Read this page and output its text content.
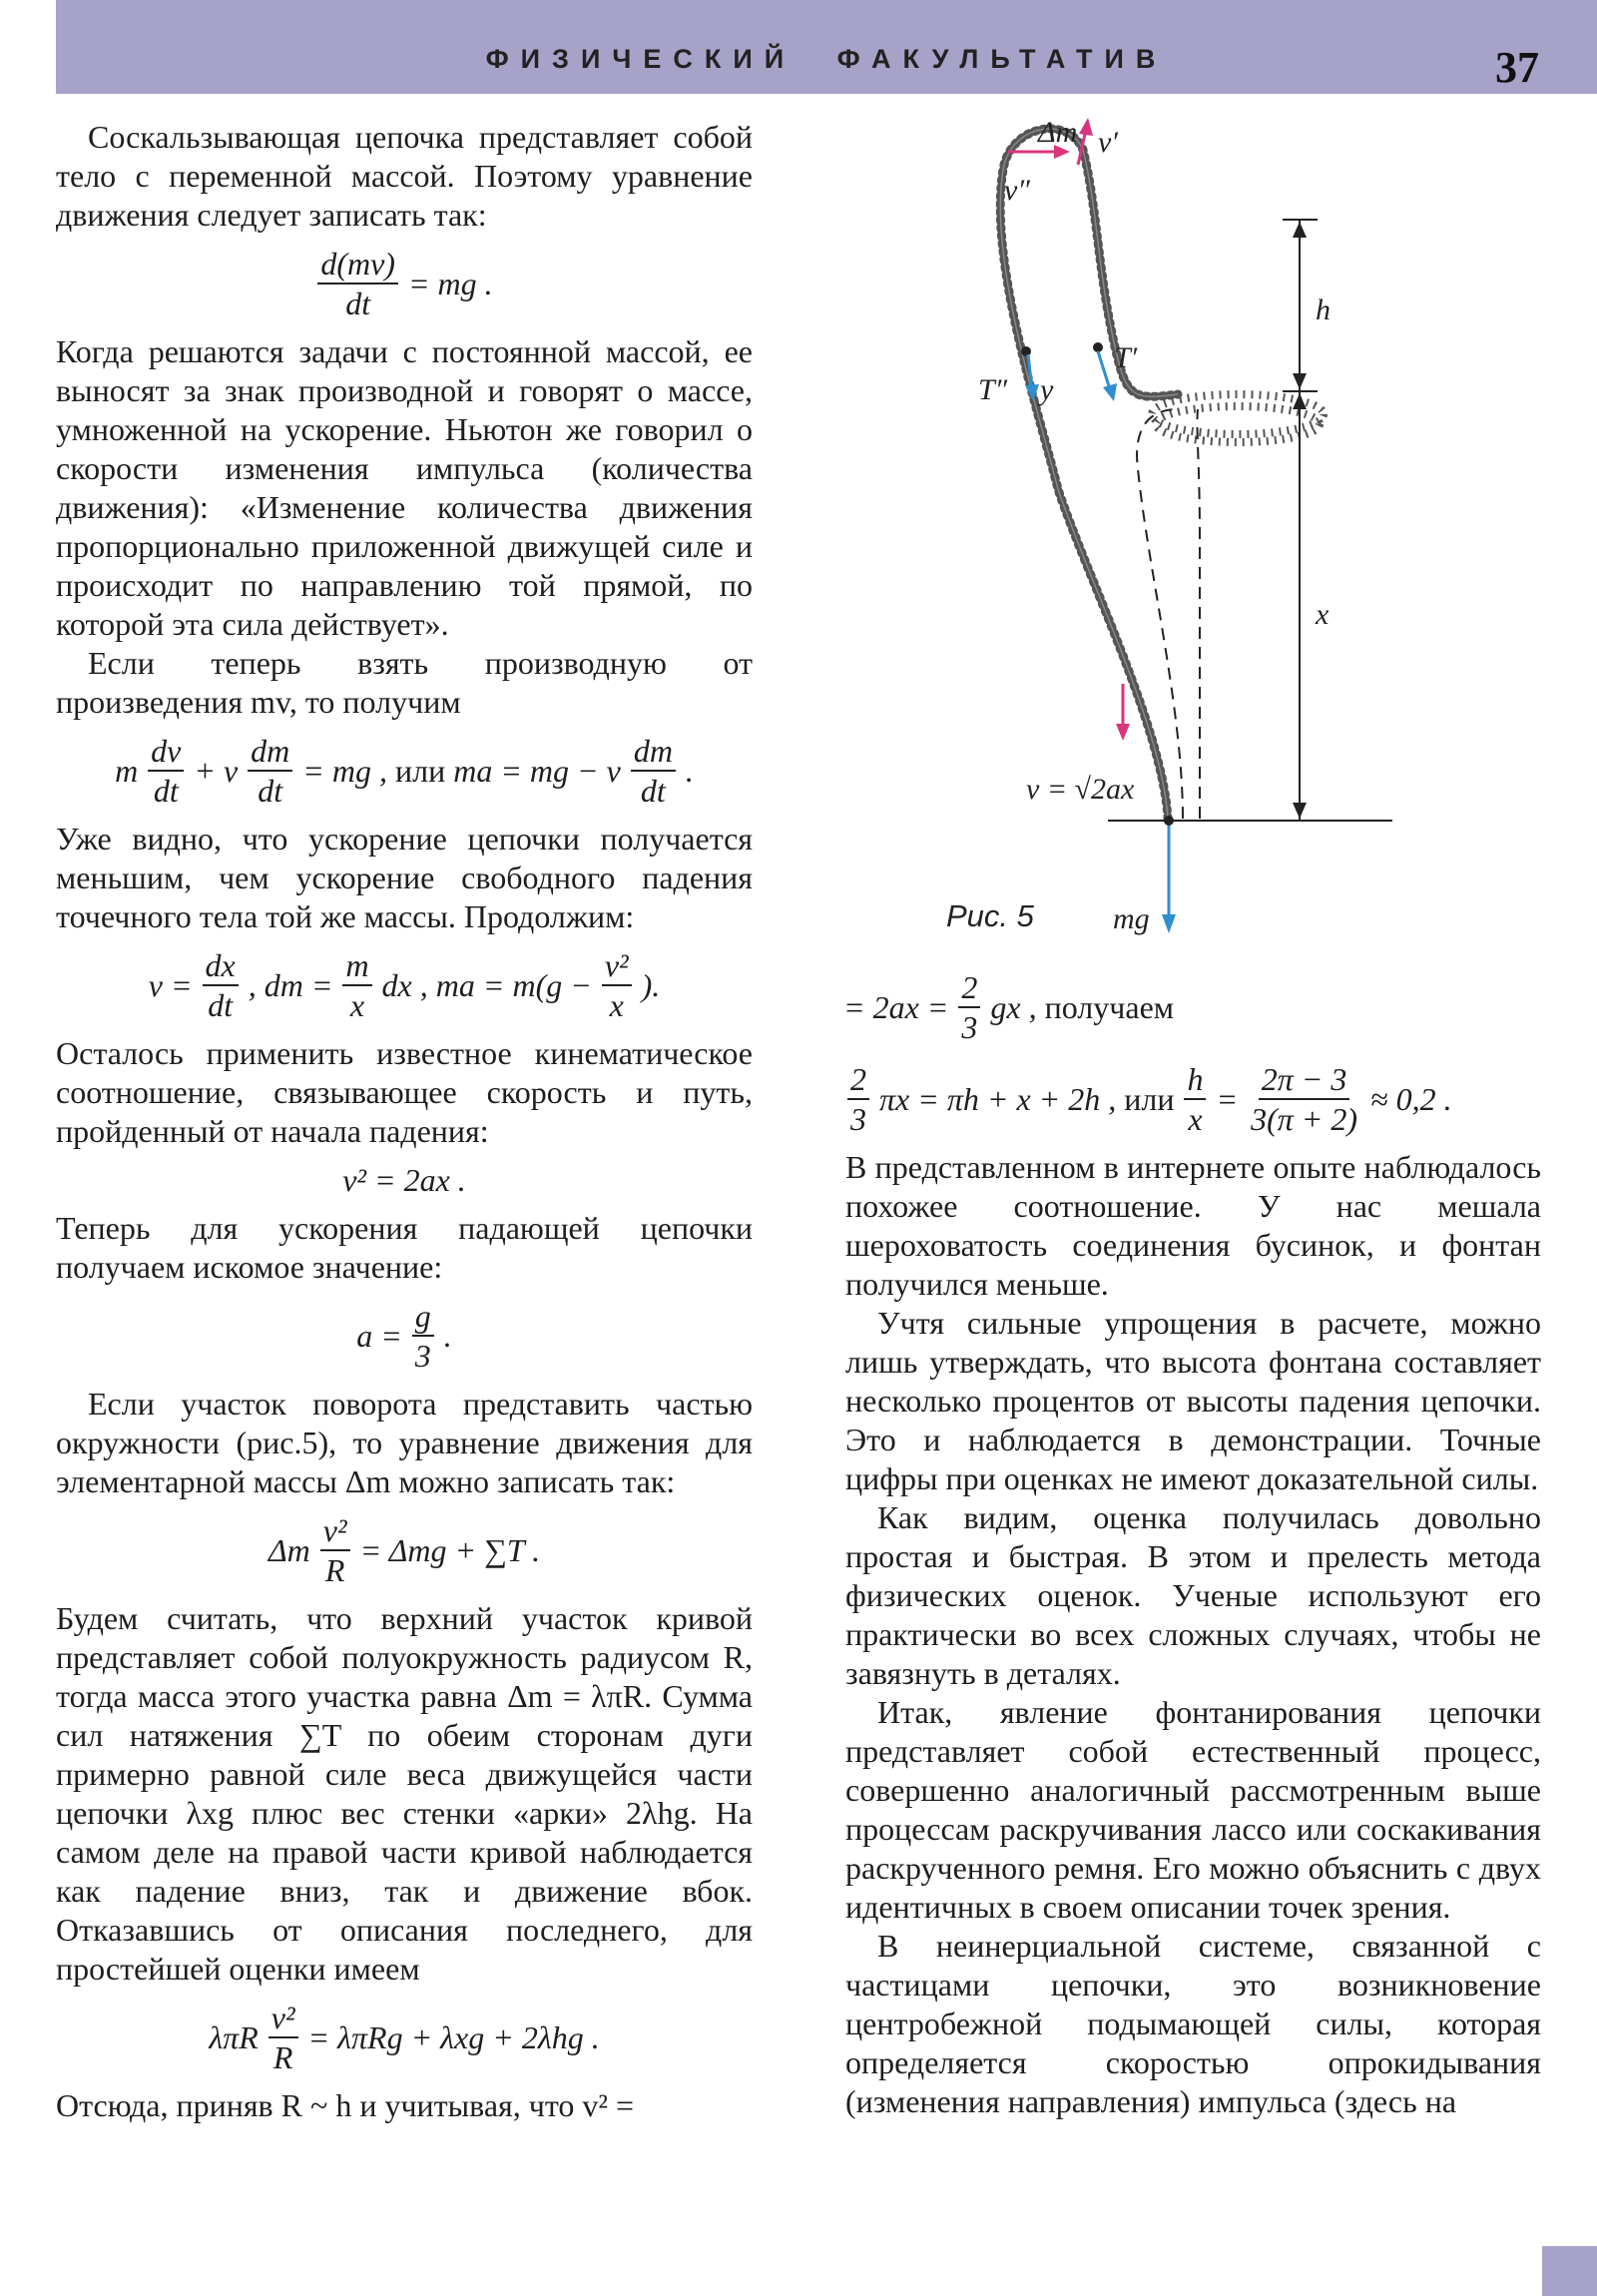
ФИЗИЧЕСКИЙ ФАКУЛЬТАТИВ	37

Соскальзывающая цепочка представляет собой тело с переменной массой. Поэтому уравнение движения следует записать так:

$\frac{d(mv)}{dt}$ = mg .

Когда решаются задачи с постоянной массой, ее выносят за знак производной и говорят о массе, умноженной на ускорение. Ньютон же говорил о скорости изменения импульса (количества движения): «Изменение количества движения пропорционально приложенной движущей силе и происходит по направлению той прямой, по которой эта сила действует».

Если теперь взять производную от произведения mv, то получим

m $\frac{dv}{dt} + v \frac{dm}{dt}$ = mg , или ma = mg − v $\frac{dm}{dt}$ .

Уже видно, что ускорение цепочки получается меньшим, чем ускорение свободного падения точечного тела той же массы. Продолжим:

$v = \frac{dx}{dt}$ , dm = $\frac{m}{x}$ dx , ma = $m(g - \frac{\text{v²}}{x}$ ).

Осталось применить известное кинематическое соотношение, связывающее скорость и путь, пройденный от начала падения:

v² = 2ax .

Теперь для ускорения падающей цепочки получаем искомое значение:

$a = \frac{g}{3}$ .

Если участок поворота представить частью окружности (рис.5), то уравнение движения для элементарной массы Δm можно записать так:

Δm $\frac{\text{v²}}{R} = \Delta mg + \sum T$ .

Будем считать, что верхний участок кривой представляет собой полуокружность радиусом R, тогда масса этого участка равна Δm = λπR. Сумма сил натяжения ∑T по обеим сторонам дуги примерно равной силе веса движущейся части цепочки λxg плюс вес стенки «арки» 2λhg. На самом деле на правой части кривой наблюдается как падение вниз, так и движение вбок. Отказавшись от описания последнего, для простейшей оценки имеем

λπR $\frac{\text{v²}}{R} = \lambda\pi Rg + \lambda xg + 2\lambda hg$ .

Отсюда, приняв R ~ h и учитывая, что v² =

Δm v′
v″
h
T′
T″ y
x
v = √2ax
mg
Рис. 5
= $2ax = \frac{2}{3}$ gx , получаем
$\frac{2}{3}$ πx = πh + x + 2h , или $\frac{h}{x} = \frac{2\pi - 3}{3(\pi + 2)} \approx 0,2$ .

В представленном в интернете опыте наблюдалось похожее соотношение. У нас мешала шероховатость соединения бусинок, и фонтан получился меньше.

Учтя сильные упрощения в расчете, можно лишь утверждать, что высота фонтана составляет несколько процентов от высоты падения цепочки. Это и наблюдается в демонстрации. Точные цифры при оценках не имеют доказательной силы.

Как видим, оценка получилась довольно простая и быстрая. В этом и прелесть метода физических оценок. Ученые используют его практически во всех сложных случаях, чтобы не завязнуть в деталях.

Итак, явление фонтанирования цепочки представляет собой естественный процесс, совершенно аналогичный рассмотренным выше процессам раскручивания лассо или соскакивания раскрученного ремня. Его можно объяснить с двух идентичных в своем описании точек зрения.

В неинерциальной системе, связанной с частицами цепочки, это возникновение центробежной подымающей силы, которая определяется скоростью опрокидывания (изменения направления) импульса (здесь на
